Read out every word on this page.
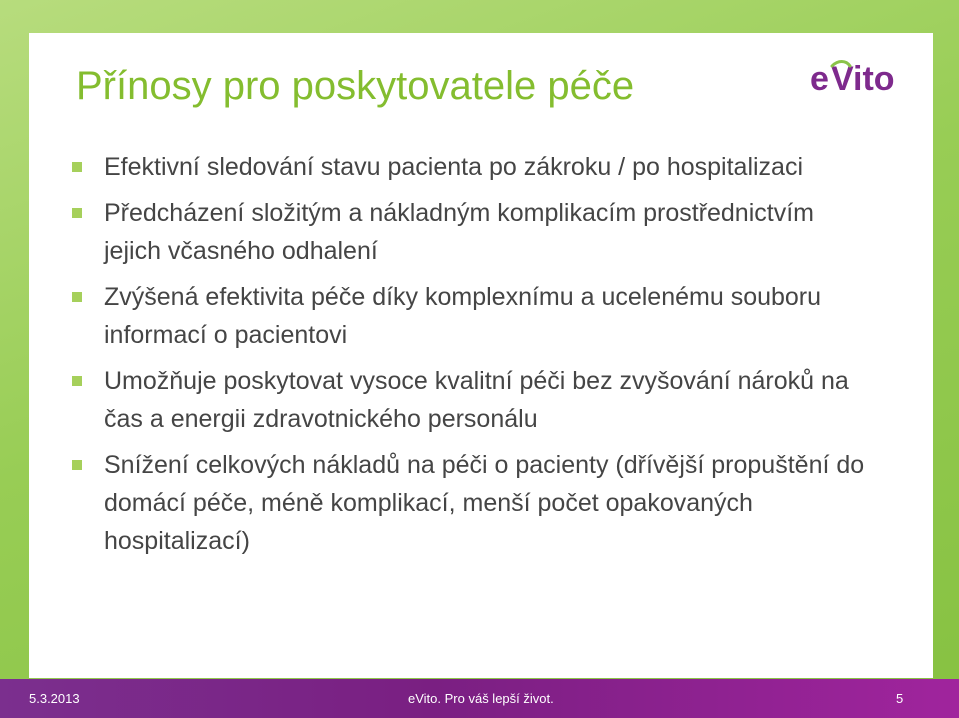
Přínosy pro poskytovatele péče	e V ito
Efektivní sledování stavu pacienta po zákroku / po hospitalizaci
Předcházení složitým a nákladným komplikacím prostřednictvím jejich včasného odhalení
Zvýšená efektivita péče díky komplexnímu a ucelenému souboru informací o pacientovi
Umožňuje poskytovat vysoce kvalitní péči bez zvyšování nároků na čas a energii zdravotnického personálu
Snížení celkových nákladů na péči o pacienty (dřívější propuštění do domácí péče, méně komplikací, menší počet opakovaných hospitalizací)
5.3.2013	eVito. Pro váš lepší život.	5
